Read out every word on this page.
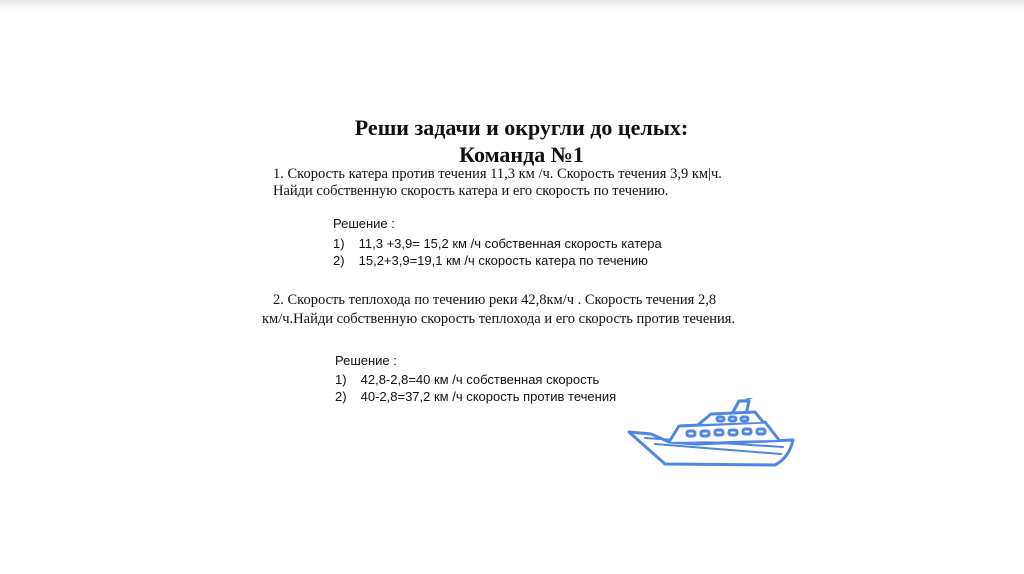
Реши задачи и округли до целых:
Команда №1
1. Скорость катера против течения 11,3 км /ч. Скорость течения 3,9 км|ч.
Найди собственную скорость катера и его скорость по течению.
Решение :
1) 11,3 +3,9= 15,2 км /ч собственная скорость катера
2) 15,2+3,9=19,1 км /ч скорость катера по течению
2. Скорость теплохода по течению реки 42,8км/ч . Скорость течения 2,8
км/ч.Найди собственную скорость теплохода и его скорость против течения.
Решение :
1) 42,8-2,8=40 км /ч собственная скорость
2) 40-2,8=37,2 км /ч скорость против течения
